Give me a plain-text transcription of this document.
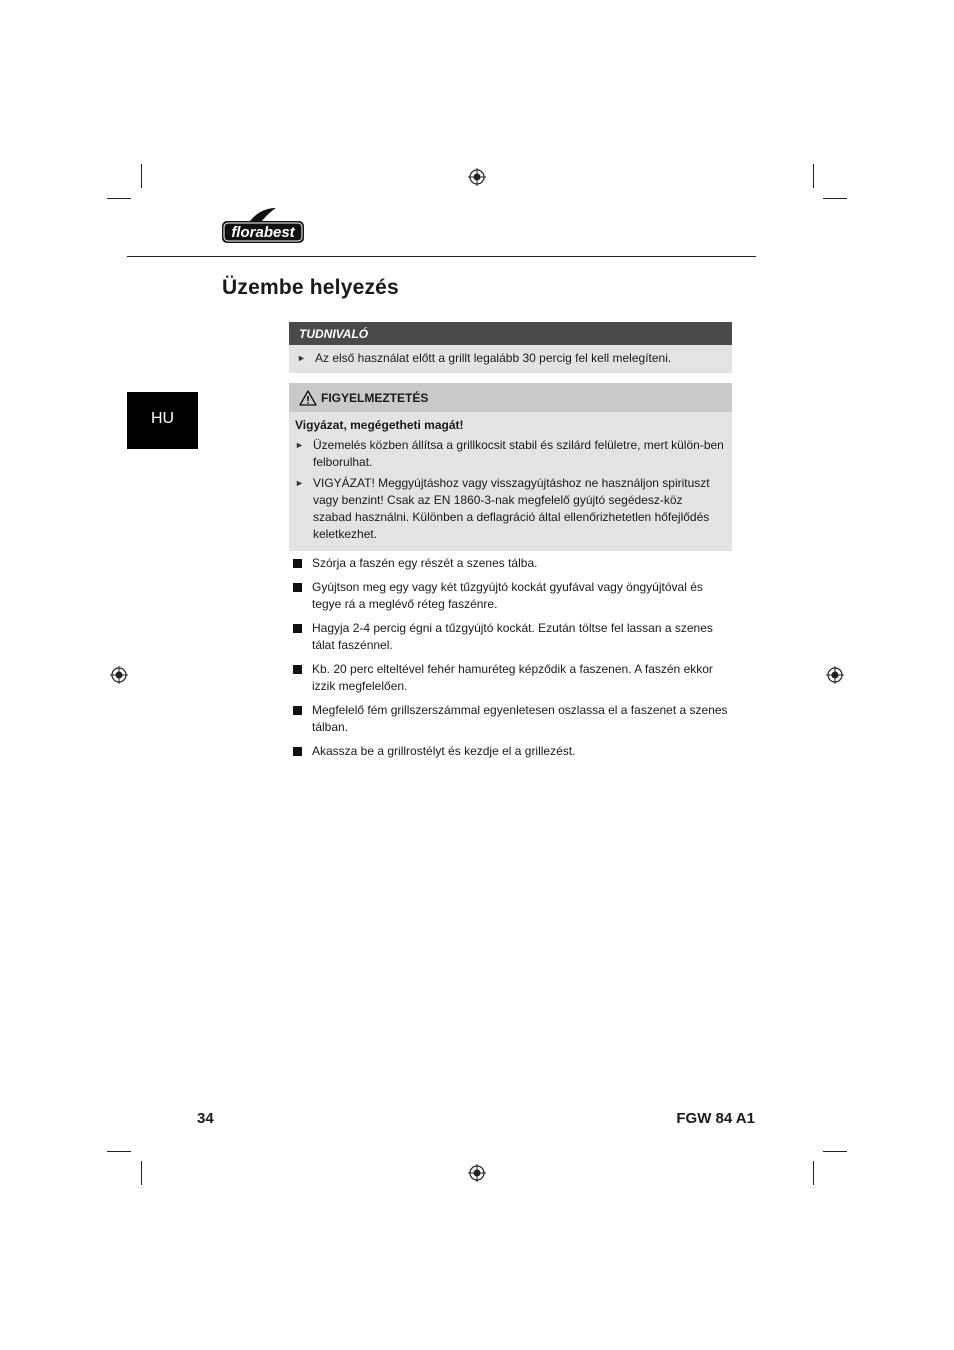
florabest
Üzembe helyezés
HU
TUDNIVALÓ
► Az első használat előtt a grillt legalább 30 percig fel kell melegíteni.
FIGYELMEZTETÉS
Vigyázat, megégetheti magát!
► Üzemelés közben állítsa a grillkocsit stabil és szilárd felületre, mert külön-ben felborulhat.
► VIGYÁZAT! Meggyújtáshoz vagy visszagyújtáshoz ne használjon spirituszt vagy benzint! Csak az EN 1860-3-nak megfelelő gyújtó segédesz-köz szabad használni. Különben a deflagráció által ellenőrizhetetlen hőfejlődés keletkezhet.
Szórja a faszén egy részét a szenes tálba.
Gyújtson meg egy vagy két tűzgyújtó kockát gyufával vagy öngyújtóval és tegye rá a meglévő réteg faszénre.
Hagyja 2-4 percig égni a tűzgyújtó kockát. Ezután töltse fel lassan a szenes tálat faszénnel.
Kb. 20 perc elteltével fehér hamuréteg képződik a faszenen. A faszén ekkor izzik megfelelően.
Megfelelő fém grillszerszámmal egyenletesen oszlassa el a faszenet a szenes tálban.
Akassza be a grillrostélyt és kezdje el a grillezést.
34	FGW 84 A1
